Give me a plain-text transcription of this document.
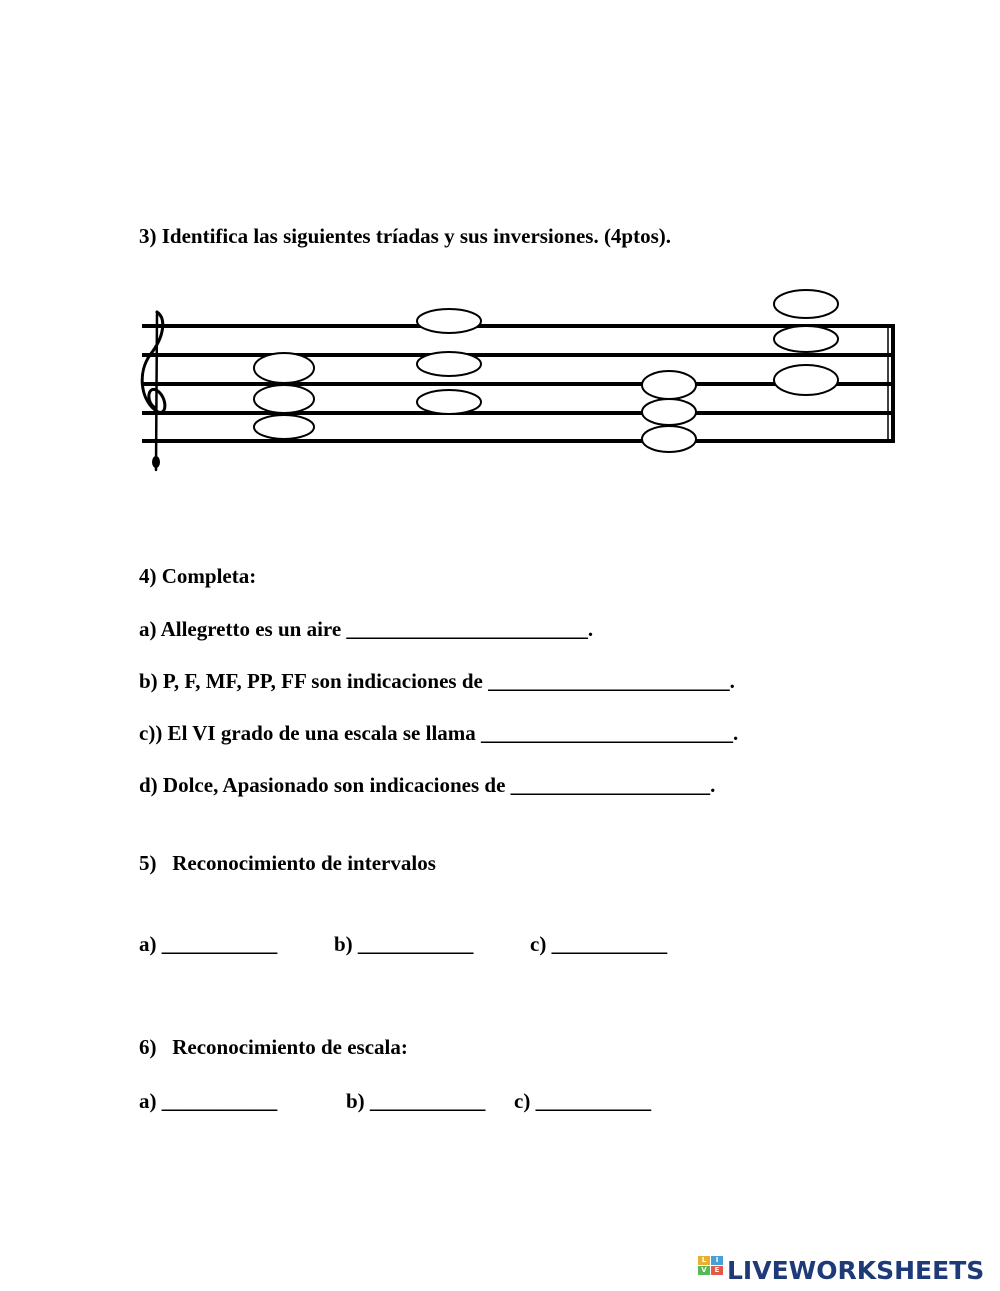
3) Identifica las siguientes tríadas y sus inversiones. (4ptos).

4) Completa:

a) Allegretto es un aire _______________________.

b) P, F, MF, PP, FF son indicaciones de _______________________.

c)) El VI grado de una escala se llama ________________________.

d) Dolce, Apasionado son indicaciones de ___________________.

5)   Reconocimiento de intervalos

a) ___________	b) ___________	c) ___________

6)   Reconocimiento de escala:

a) ___________	b) ___________ c) ___________

L	I
V	E LIVEWORKSHEETS
